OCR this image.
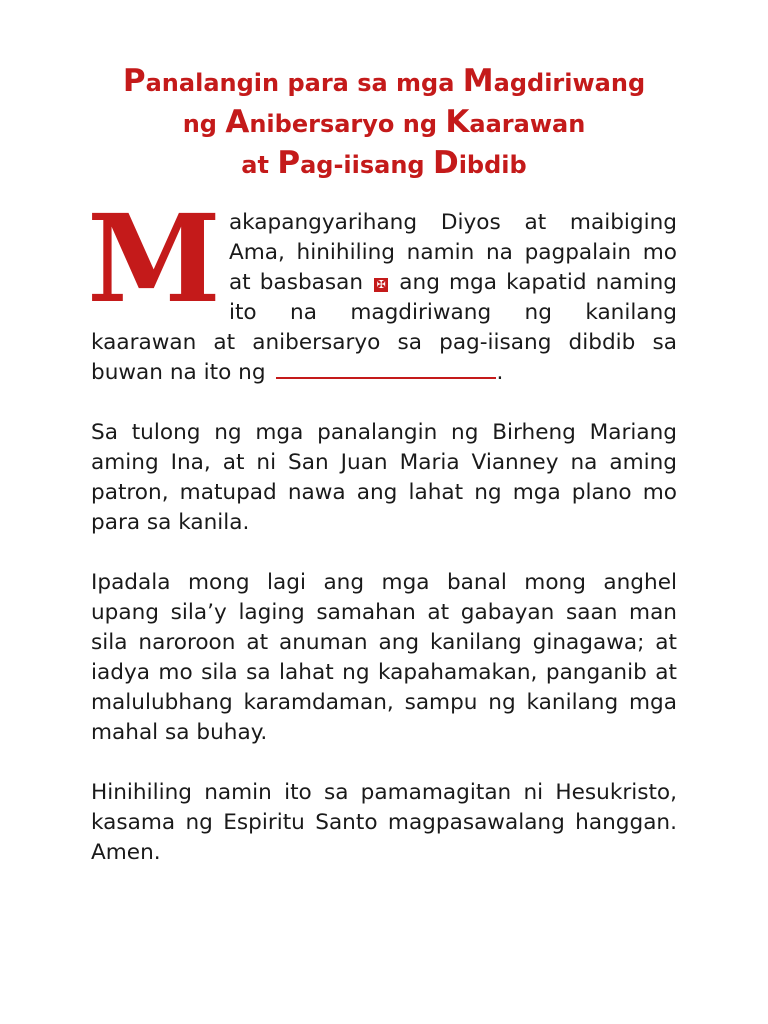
Panalangin para sa mga Magdiriwang
ng Anibersaryo ng Kaarawan
at Pag-iisang Dibdib

Makapangyarihang Diyos at maibiging Ama, hinihiling namin na pagpalain mo at basbasan ✠ ang mga kapatid naming ito na magdiriwang ng kanilang kaarawan at anibersaryo sa pag-iisang dibdib sa buwan na ito ng	.

Sa tulong ng mga panalangin ng Birheng Mariang aming Ina, at ni San Juan Maria Vianney na aming patron, matupad nawa ang lahat ng mga plano mo para sa kanila.

Ipadala mong lagi ang mga banal mong anghel upang sila’y laging samahan at gabayan saan man sila naroroon at anuman ang kanilang ginagawa; at iadya mo sila sa lahat ng kapahamakan, panganib at malulubhang karamdaman, sampu ng kanilang mga mahal sa buhay.

Hinihiling namin ito sa pamamagitan ni Hesukristo, kasama ng Espiritu Santo magpasawalang hanggan. Amen.
